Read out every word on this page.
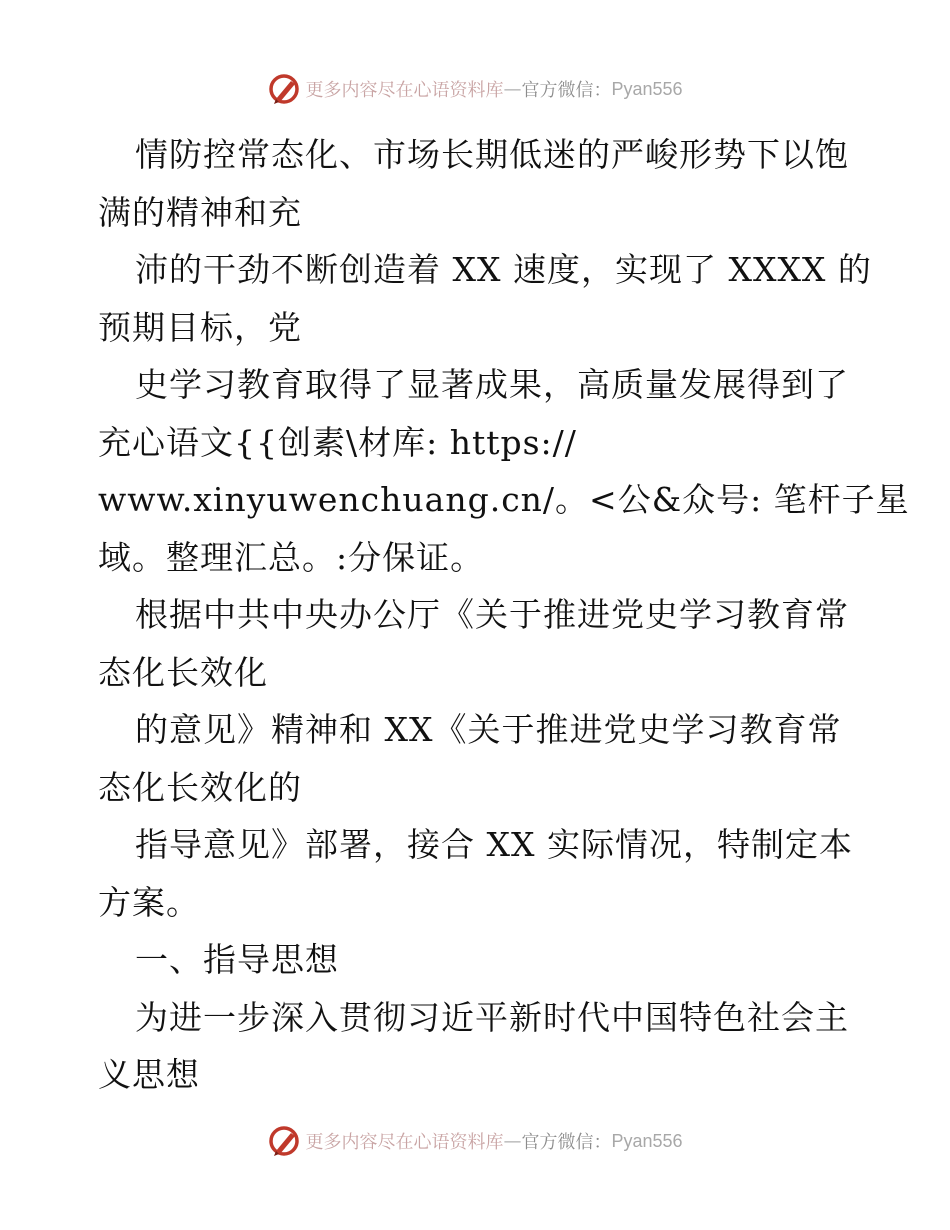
更多内容尽在心语资料库 — 官方微信： Pyan556
情防控常态化、市场长期低迷的严峻形势下以饱
满的精神和充
沛的干劲不断创造着 XX 速度，实现了 XXXX 的
预期目标，党
史学习教育取得了显著成果，高质量发展得到了
充心语文{{创素\材库: https://
www.xinyuwenchuang.cn/。<公&众号: 笔杆子星
域。整理汇总。:分保证。
根据中共中央办公厅《关于推进党史学习教育常
态化长效化
的意见》精神和 XX《关于推进党史学习教育常
态化长效化的
指导意见》部署，接合 XX 实际情况，特制定本
方案。
一、指导思想
为进一步深入贯彻习近平新时代中国特色社会主
义思想
更多内容尽在心语资料库 — 官方微信： Pyan556
